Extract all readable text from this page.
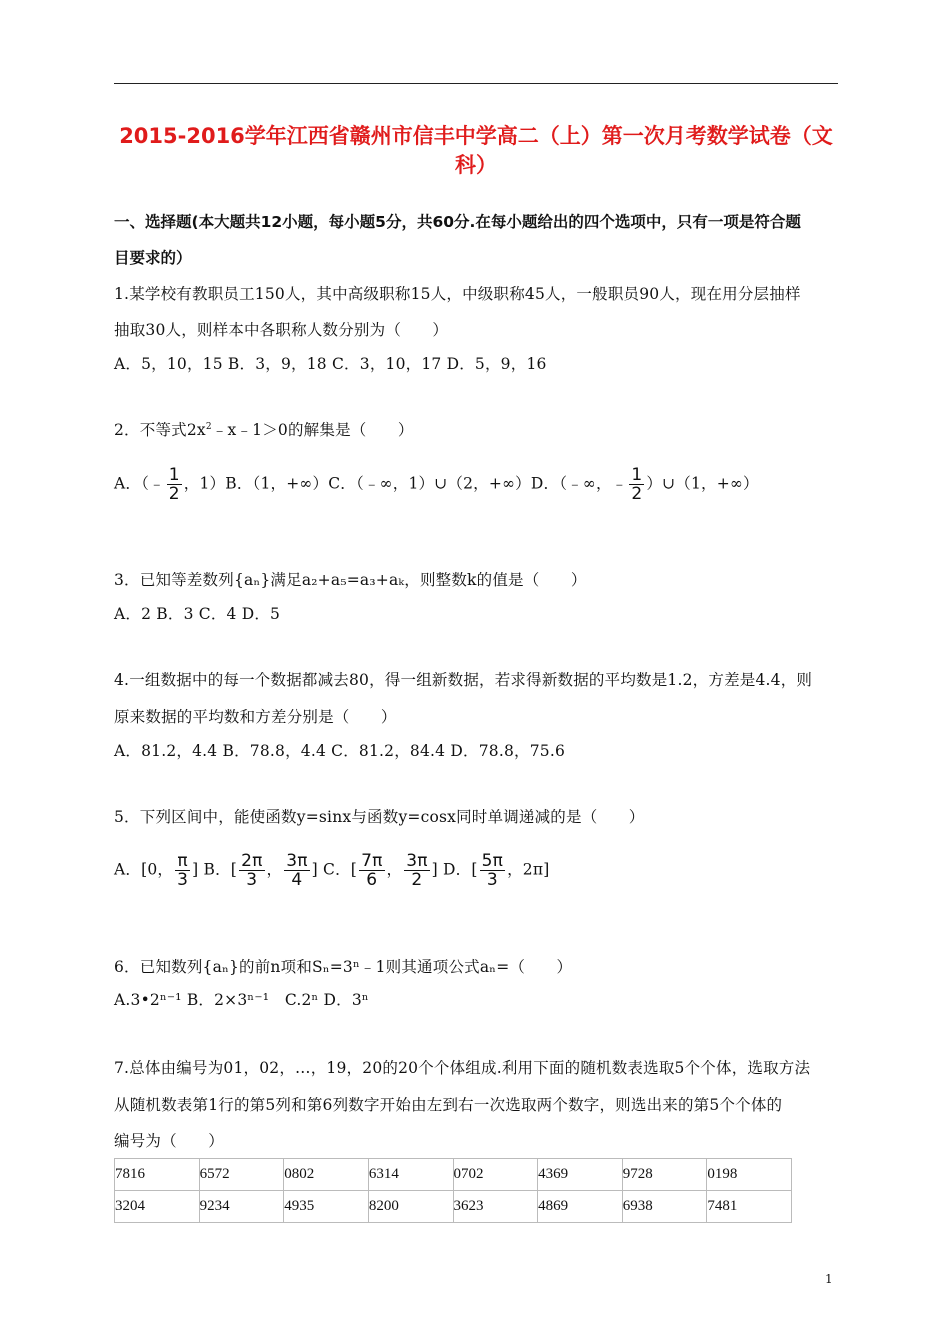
2015-2016学年江西省赣州市信丰中学高二（上）第一次月考数学试卷（文
科）
一、选择题(本大题共12小题，每小题5分，共60分.在每小题给出的四个选项中，只有一项是符合题
目要求的）
1.某学校有教职员工150人，其中高级职称15人，中级职称45人，一般职员90人，现在用分层抽样
抽取30人，则样本中各职称人数分别为（　　）
A．5，10，15 B．3，9，18 C．3，10，17 D．5，9，16
2．不等式$2x^2﹣x﹣1>0$的解集是（　　）
A．（﹣ $\frac{1}{2}$ ，1）B．（1，+∞）C．（﹣∞，1）∪（2，+∞）D．（﹣∞，﹣ $\frac{1}{2}$ ）∪（1，+∞）
3．已知等差数列{aₙ}满足a₂+a₅=a₃+aₖ，则整数k的值是（　　）
A．2 B．3 C．4 D．5
4.一组数据中的每一个数据都减去80，得一组新数据，若求得新数据的平均数是1.2，方差是4.4，则
原来数据的平均数和方差分别是（　　）
A．81.2，4.4 B．78.8，4.4 C．81.2，84.4 D．78.8，75.6
5．下列区间中，能使函数y=sinx与函数y=cosx同时单调递减的是（　　）
A．[0， $\frac{\pi}{3}$ ] B．[ $\frac{2\pi}{3}$ ， $\frac{3\pi}{4}$ ] C．[ $\frac{7\pi}{6}$ ， $\frac{3\pi}{2}$ ] D．[ $\frac{5\pi}{3}$ ，2π]
6．已知数列{aₙ}的前n项和Sₙ=3ⁿ﹣1则其通项公式aₙ=（　　）
A.3•2ⁿ⁻¹ B．2×3ⁿ⁻¹　C.2ⁿ D．3ⁿ
7.总体由编号为01，02，…，19，20的20个个体组成.利用下面的随机数表选取5个个体，选取方法
从随机数表第1行的第5列和第6列数字开始由左到右一次选取两个数字，则选出来的第5个个体的
编号为（　　）
7816	6572	0802	6314	0702	4369	9728	0198
3204	9234	4935	8200	3623	4869	6938	7481
1
